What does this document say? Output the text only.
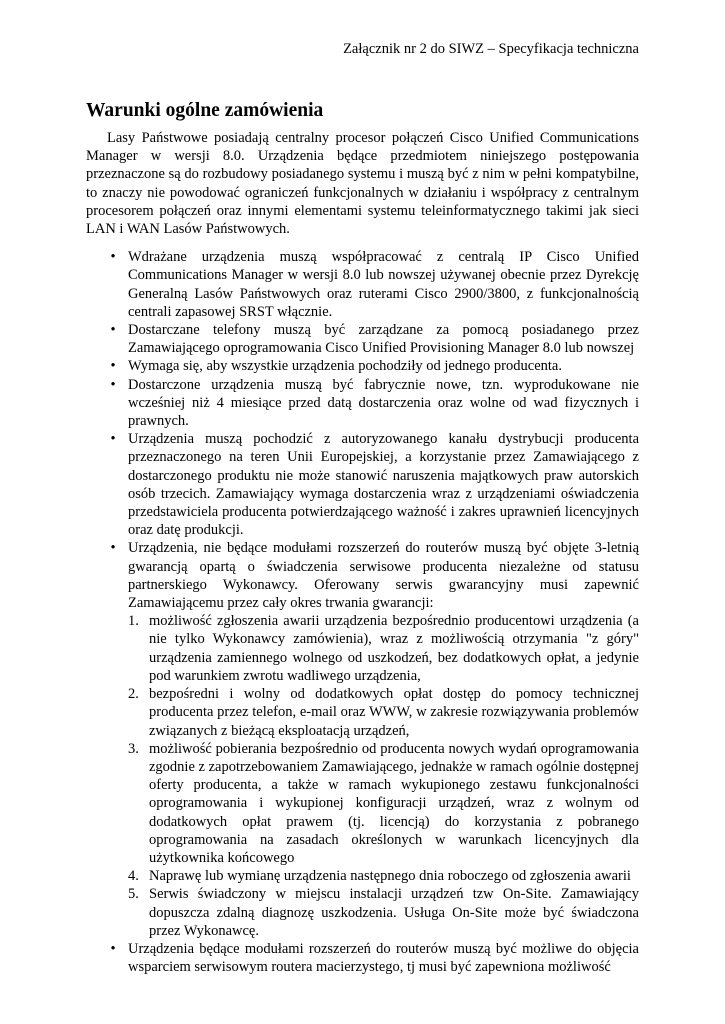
Załącznik nr 2 do SIWZ – Specyfikacja techniczna
Warunki ogólne zamówienia

Lasy Państwowe posiadają centralny procesor połączeń Cisco Unified Communications Manager w wersji 8.0. Urządzenia będące przedmiotem niniejszego postępowania przeznaczone są do rozbudowy posiadanego systemu i muszą być z nim w pełni kompatybilne, to znaczy nie powodować ograniczeń funkcjonalnych w działaniu i współpracy z centralnym procesorem połączeń oraz innymi elementami systemu teleinformatycznego takimi jak sieci LAN i WAN Lasów Państwowych.

• Wdrażane urządzenia muszą współpracować z centralą IP Cisco Unified Communications Manager w wersji 8.0 lub nowszej używanej obecnie przez Dyrekcję Generalną Lasów Państwowych oraz ruterami Cisco 2900/3800, z funkcjonalnością centrali zapasowej SRST włącznie.
• Dostarczane telefony muszą być zarządzane za pomocą posiadanego przez Zamawiającego oprogramowania Cisco Unified Provisioning Manager 8.0 lub nowszej
• Wymaga się, aby wszystkie urządzenia pochodziły od jednego producenta.
• Dostarczone urządzenia muszą być fabrycznie nowe, tzn. wyprodukowane nie wcześniej niż 4 miesiące przed datą dostarczenia oraz wolne od wad fizycznych i prawnych.
• Urządzenia muszą pochodzić z autoryzowanego kanału dystrybucji producenta przeznaczonego na teren Unii Europejskiej, a korzystanie przez Zamawiającego z dostarczonego produktu nie może stanowić naruszenia majątkowych praw autorskich osób trzecich. Zamawiający wymaga dostarczenia wraz z urządzeniami oświadczenia przedstawiciela producenta potwierdzającego ważność i zakres uprawnień licencyjnych oraz datę produkcji.
• Urządzenia, nie będące modułami rozszerzeń do routerów muszą być objęte 3-letnią gwarancją opartą o świadczenia serwisowe producenta niezależne od statusu partnerskiego Wykonawcy. Oferowany serwis gwarancyjny musi zapewnić Zamawiającemu przez cały okres trwania gwarancji:
1. możliwość zgłoszenia awarii urządzenia bezpośrednio producentowi urządzenia (a nie tylko Wykonawcy zamówienia), wraz z możliwością otrzymania "z góry" urządzenia zamiennego wolnego od uszkodzeń, bez dodatkowych opłat, a jedynie pod warunkiem zwrotu wadliwego urządzenia,
2. bezpośredni i wolny od dodatkowych opłat dostęp do pomocy technicznej producenta przez telefon, e-mail oraz WWW, w zakresie rozwiązywania problemów związanych z bieżącą eksploatacją urządzeń,
3. możliwość pobierania bezpośrednio od producenta nowych wydań oprogramowania zgodnie z zapotrzebowaniem Zamawiającego, jednakże w ramach ogólnie dostępnej oferty producenta, a także w ramach wykupionego zestawu funkcjonalności oprogramowania i wykupionej konfiguracji urządzeń, wraz z wolnym od dodatkowych opłat prawem (tj. licencją) do korzystania z pobranego oprogramowania na zasadach określonych w warunkach licencyjnych dla użytkownika końcowego
4. Naprawę lub wymianę urządzenia następnego dnia roboczego od zgłoszenia awarii
5. Serwis świadczony w miejscu instalacji urządzeń tzw On-Site. Zamawiający dopuszcza zdalną diagnozę uszkodzenia. Usługa On-Site może być świadczona przez Wykonawcę.
• Urządzenia będące modułami rozszerzeń do routerów muszą być możliwe do objęcia wsparciem serwisowym routera macierzystego, tj musi być zapewniona możliwość
